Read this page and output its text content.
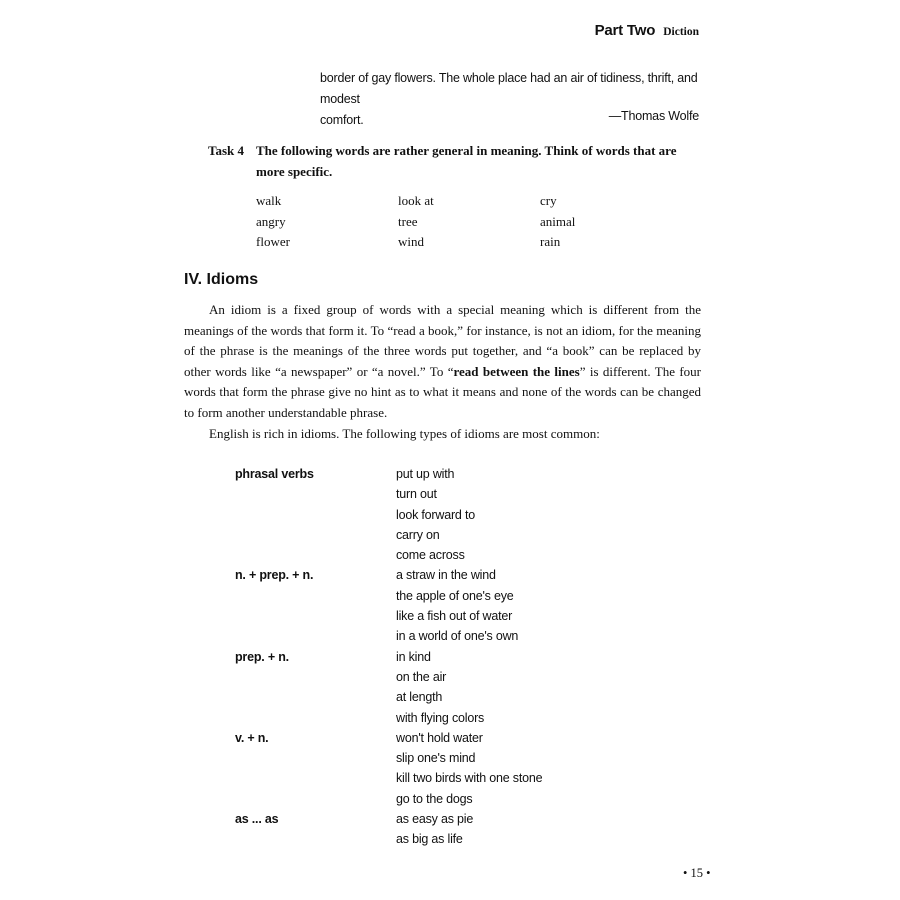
Part Two Diction
border of gay flowers. The whole place had an air of tidiness, thrift, and modest
comfort.	—Thomas Wolfe
Task 4 The following words are rather general in meaning. Think of words that are more specific.
walk	look at	cry
angry	tree	animal
flower	wind	rain
IV. Idioms

An idiom is a fixed group of words with a special meaning which is different from the meanings of the words that form it. To “read a book,” for instance, is not an idiom, for the meaning of the phrase is the meanings of the three words put together, and “a book” can be replaced by other words like “a newspaper” or “a novel.” To “read between the lines” is different. The four words that form the phrase give no hint as to what it means and none of the words can be changed to form another understandable phrase.

English is rich in idioms. The following types of idioms are most common:

phrasal verbs	put up with
turn out
look forward to
carry on
come across
n. + prep. + n.	a straw in the wind
the apple of one's eye
like a fish out of water
in a world of one's own
prep. + n.	in kind
on the air
at length
with flying colors
v. + n.	won't hold water
slip one's mind
kill two birds with one stone
go to the dogs
as ... as	as easy as pie
as big as life
• 15 •
